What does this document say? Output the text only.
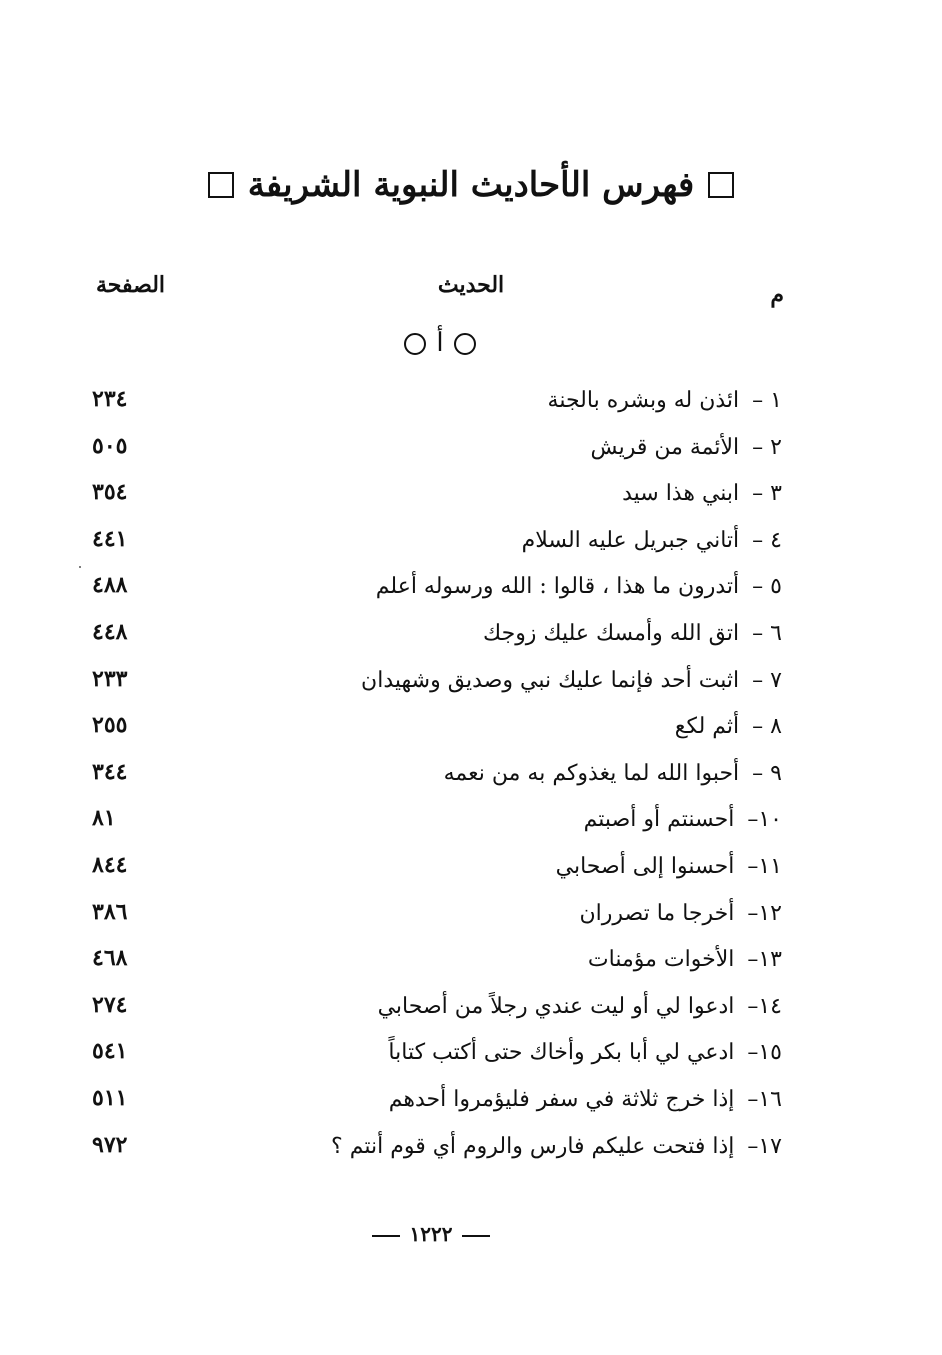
فهرس الأحاديث النبوية الشريفة
م
الحديث
الصفحة
أ
١ – ائذن له وبشره بالجنة
٢٣٤
٢ – الأئمة من قريش
٥٠٥
٣ – ابني هذا سيد
٣٥٤
٤ – أتاني جبريل عليه السلام
٤٤١
٥ – أتدرون ما هذا ، قالوا : الله ورسوله أعلم
٤٨٨
٦ – اتق الله وأمسك عليك زوجك
٤٤٨
٧ – اثبت أحد فإنما عليك نبي وصديق وشهيدان
٢٣٣
٨ – أثم لكع
٢٥٥
٩ – أحبوا الله لما يغذوكم به من نعمه
٣٤٤
١٠– أحسنتم أو أصبتم
٨١
١١– أحسنوا إلى أصحابي
٨٤٤
١٢– أخرجا ما تصرران
٣٨٦
١٣– الأخوات مؤمنات
٤٦٨
١٤– ادعوا لي أو ليت عندي رجلاً من أصحابي
٢٧٤
١٥– ادعي لي أبا بكر وأخاك حتى أكتب كتاباً
٥٤١
١٦– إذا خرج ثلاثة في سفر فليؤمروا أحدهم
٥١١
١٧– إذا فتحت عليكم فارس والروم أي قوم أنتم ؟
٩٧٢
١٢٢٢
